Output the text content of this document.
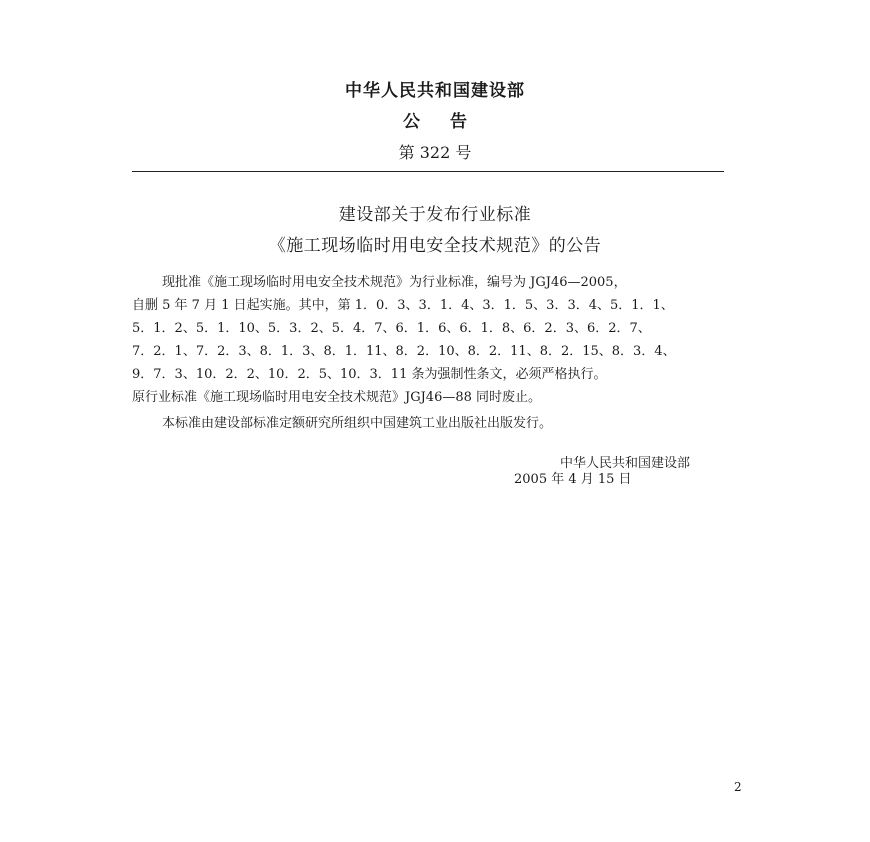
中华人民共和国建设部
公告
第 322 号
建设部关于发布行业标准
《施工现场临时用电安全技术规范》的公告
现批准《施工现场临时用电安全技术规范》为行业标准，编号为 JGJ46—2005，
自删 5 年 7 月 1 日起实施。其中，第 1．0．3、3．1．4、3．1．5、3．3．4、5．1．1、
5．1．2、5．1．10、5．3．2、5．4．7、6．1．6、6．1．8、6．2．3、6．2．7、
7．2．1、7．2．3、8．1．3、8．1．11、8．2．10、8．2．11、8．2．15、8．3．4、
9．7．3、10．2．2、10．2．5、10．3．11 条为强制性条文，必须严格执行。
原行业标准《施工现场临时用电安全技术规范》JGJ46—88 同时废止。
本标准由建设部标准定额研究所组织中国建筑工业出版社出版发行。
中华人民共和国建设部
2005 年 4 月 15 日
2
